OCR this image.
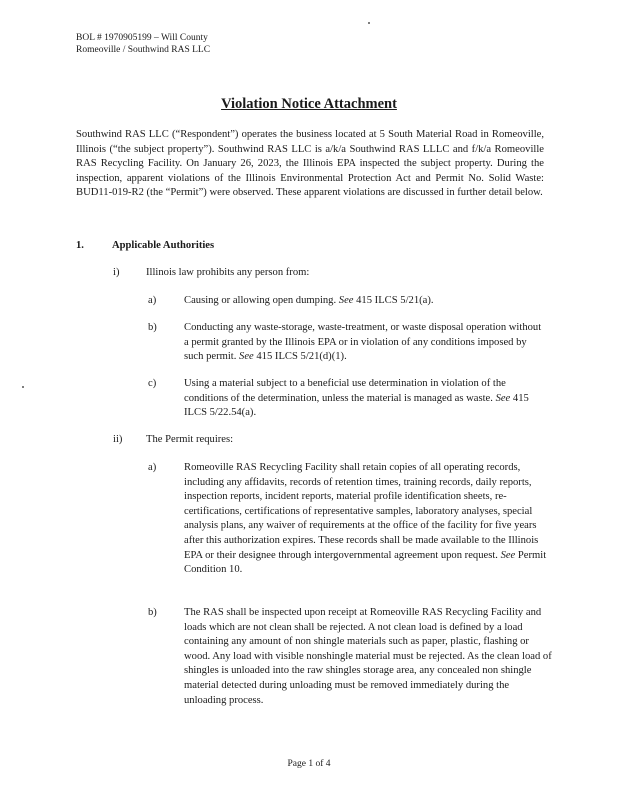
BOL # 1970905199 – Will County
Romeoville / Southwind RAS LLC
Violation Notice Attachment
Southwind RAS LLC (“Respondent”) operates the business located at 5 South Material Road in Romeoville, Illinois (“the subject property”). Southwind RAS LLC is a/k/a Southwind RAS LLLC and f/k/a Romeoville RAS Recycling Facility. On January 26, 2023, the Illinois EPA inspected the subject property. During the inspection, apparent violations of the Illinois Environmental Protection Act and Permit No. Solid Waste: BUD11-019-R2 (the “Permit”) were observed. These apparent violations are discussed in further detail below.
1.	Applicable Authorities
i)	Illinois law prohibits any person from:
a)	Causing or allowing open dumping. See 415 ILCS 5/21(a).
b)	Conducting any waste-storage, waste-treatment, or waste disposal operation without a permit granted by the Illinois EPA or in violation of any conditions imposed by such permit. See 415 ILCS 5/21(d)(1).
c)	Using a material subject to a beneficial use determination in violation of the conditions of the determination, unless the material is managed as waste. See 415 ILCS 5/22.54(a).
ii) The Permit requires:
a)	Romeoville RAS Recycling Facility shall retain copies of all operating records, including any affidavits, records of retention times, training records, daily reports, inspection reports, incident reports, material profile identification sheets, re-certifications, certifications of representative samples, laboratory analyses, special analysis plans, any waiver of requirements at the office of the facility for five years after this authorization expires. These records shall be made available to the Illinois EPA or their designee through intergovernmental agreement upon request. See Permit Condition 10.
b)	The RAS shall be inspected upon receipt at Romeoville RAS Recycling Facility and loads which are not clean shall be rejected. A not clean load is defined by a load containing any amount of non shingle materials such as paper, plastic, flashing or wood. Any load with visible nonshingle material must be rejected. As the clean load of shingles is unloaded into the raw shingles storage area, any concealed non shingle material detected during unloading must be removed immediately during the unloading process.
Page 1 of 4
